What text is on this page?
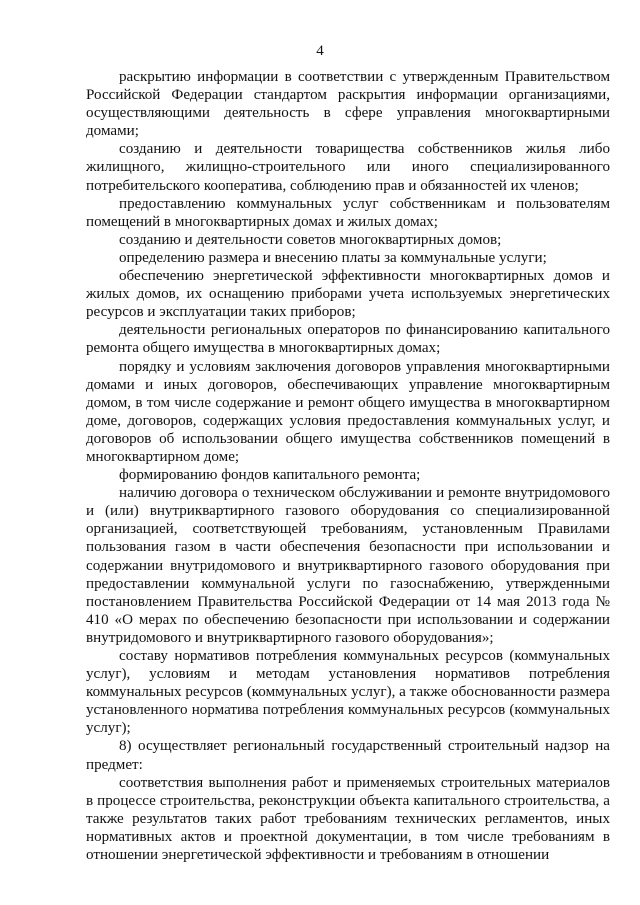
4

раскрытию информации в соответствии с утвержденным Правительством Российской Федерации стандартом раскрытия информации организациями, осуществляющими деятельность в сфере управления многоквартирными домами;

созданию и деятельности товарищества собственников жилья либо жилищного, жилищно-строительного или иного специализированного потребительского кооператива, соблюдению прав и обязанностей их членов;

предоставлению коммунальных услуг собственникам и пользователям помещений в многоквартирных домах и жилых домах;

созданию и деятельности советов многоквартирных домов;

определению размера и внесению платы за коммунальные услуги;

обеспечению энергетической эффективности многоквартирных домов и жилых домов, их оснащению приборами учета используемых энергетических ресурсов и эксплуатации таких приборов;

деятельности региональных операторов по финансированию капитального ремонта общего имущества в многоквартирных домах;

порядку и условиям заключения договоров управления многоквартирными домами и иных договоров, обеспечивающих управление многоквартирным домом, в том числе содержание и ремонт общего имущества в многоквартирном доме, договоров, содержащих условия предоставления коммунальных услуг, и договоров об использовании общего имущества собственников помещений в многоквартирном доме;

формированию фондов капитального ремонта;

наличию договора о техническом обслуживании и ремонте внутридомового и (или) внутриквартирного газового оборудования со специализированной организацией, соответствующей требованиям, установленным Правилами пользования газом в части обеспечения безопасности при использовании и содержании внутридомового и внутриквартирного газового оборудования при предоставлении коммунальной услуги по газоснабжению, утвержденными постановлением Правительства Российской Федерации от 14 мая 2013 года № 410 «О мерах по обеспечению безопасности при использовании и содержании внутридомового и внутриквартирного газового оборудования»;

составу нормативов потребления коммунальных ресурсов (коммунальных услуг), условиям и методам установления нормативов потребления коммунальных ресурсов (коммунальных услуг), а также обоснованности размера установленного норматива потребления коммунальных ресурсов (коммунальных услуг);

8) осуществляет региональный государственный строительный надзор на предмет:

соответствия выполнения работ и применяемых строительных материалов в процессе строительства, реконструкции объекта капитального строительства, а также результатов таких работ требованиям технических регламентов, иных нормативных актов и проектной документации, в том числе требованиям в отношении энергетической эффективности и требованиям в отношении
